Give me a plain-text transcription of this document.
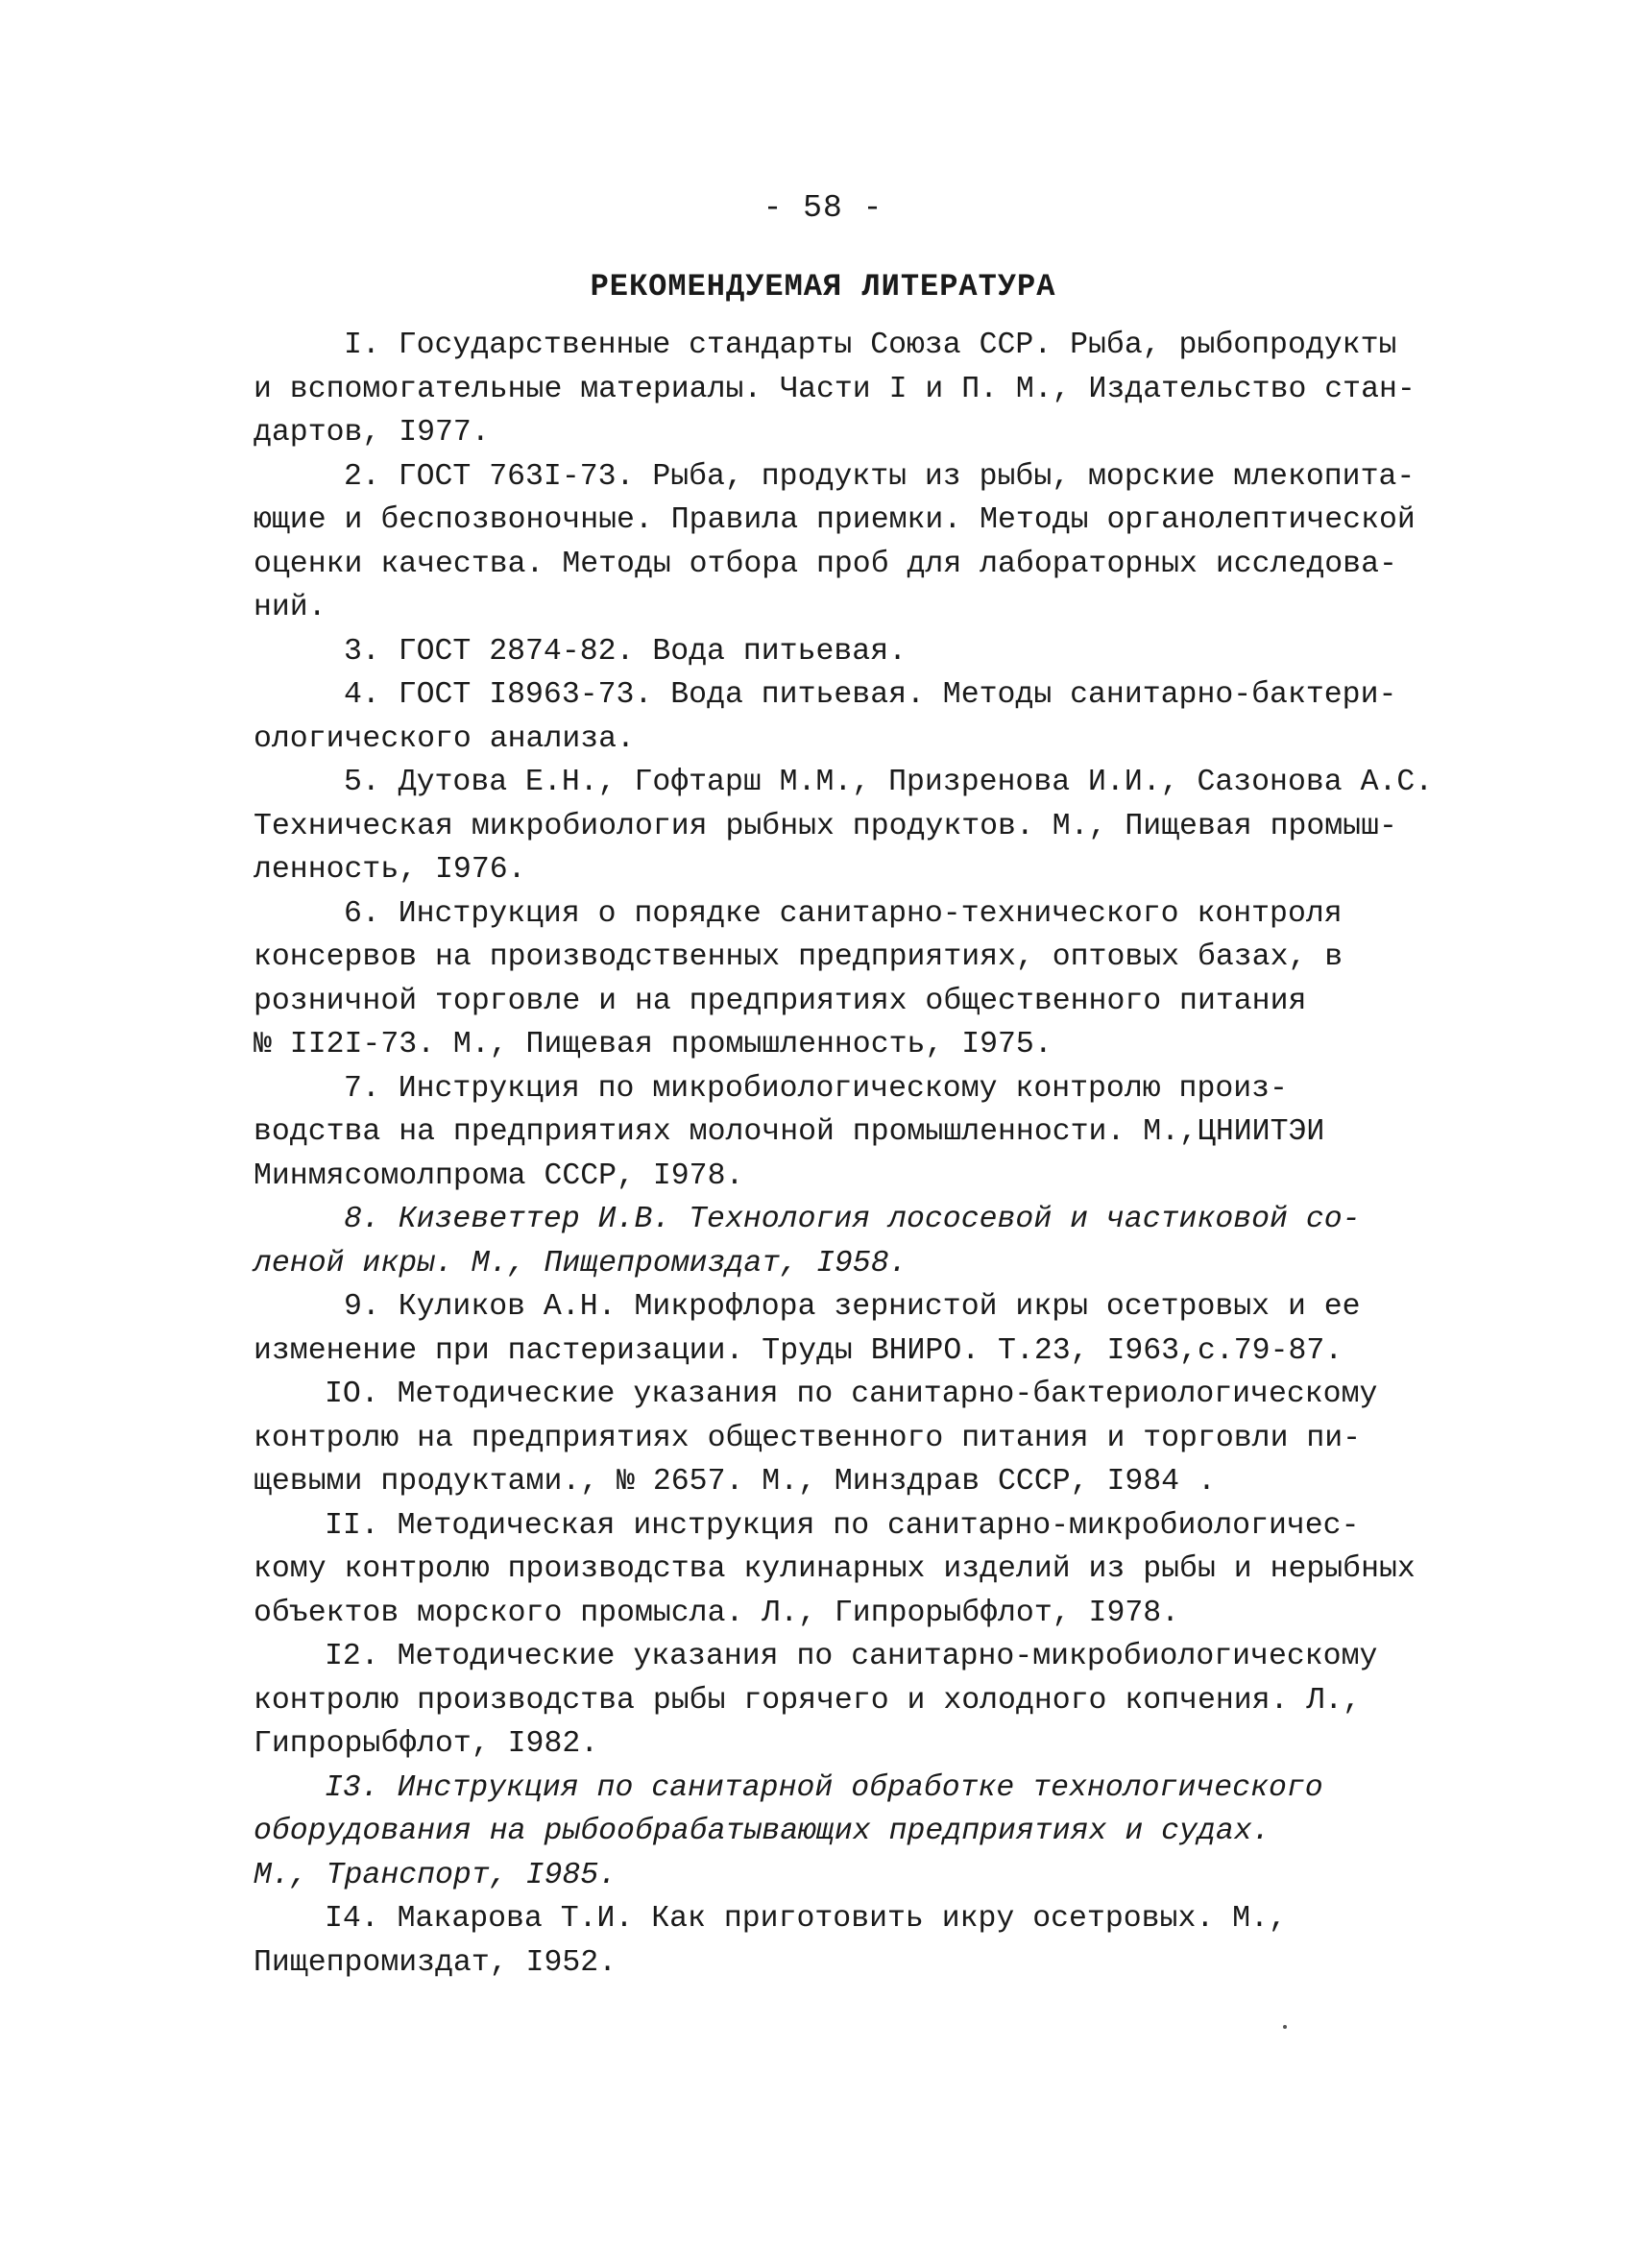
- 58 -
РЕКОМЕНДУЕМАЯ ЛИТЕРАТУРА
I. Государственные стандарты Союза ССР. Рыба, рыбопродукты
и вспомогательные материалы. Части I и П. М., Издательство стан-
дартов, I977.
2. ГОСТ 763I-73. Рыба, продукты из рыбы, морские млекопита-
ющие и беспозвоночные. Правила приемки. Методы органолептической
оценки качества. Методы отбора проб для лабораторных исследова-
ний.
3. ГОСТ 2874-82. Вода питьевая.
4. ГОСТ I8963-73. Вода питьевая. Методы санитарно-бактери-
ологического анализа.
5. Дутова Е.Н., Гофтарш М.М., Призренова И.И., Сазонова А.С.
Техническая микробиология рыбных продуктов. М., Пищевая промыш-
ленность, I976.
6. Инструкция о порядке санитарно-технического контроля
консервов на производственных предприятиях, оптовых базах, в
розничной торговле и на предприятиях общественного питания
№ II2I-73. М., Пищевая промышленность, I975.
7. Инструкция по микробиологическому контролю произ-
водства на предприятиях молочной промышленности. М.,ЦНИИТЭИ
Минмясомолпрома СССР, I978.
8. Кизеветтер И.В. Технология лососевой и частиковой со-
леной икры. М., Пищепромиздат, I958.
9. Куликов А.Н. Микрофлора зернистой икры осетровых и ее
изменение при пастеризации. Труды ВНИРО. Т.23, I963,с.79-87.
IO. Методические указания по санитарно-бактериологическому
контролю на предприятиях общественного питания и торговли пи-
щевыми продуктами., № 2657. М., Минздрав СССР, I984 .
II. Методическая инструкция по санитарно-микробиологичес-
кому контролю производства кулинарных изделий из рыбы и нерыбных
объектов морского промысла. Л., Гипрорыбфлот, I978.
I2. Методические указания по санитарно-микробиологическому
контролю производства рыбы горячего и холодного копчения. Л.,
Гипрорыбфлот, I982.
I3. Инструкция по санитарной обработке технологического
оборудования на рыбообрабатывающих предприятиях и судах.
М., Транспорт, I985.
I4. Макарова Т.И. Как приготовить икру осетровых. М.,
Пищепромиздат, I952.
